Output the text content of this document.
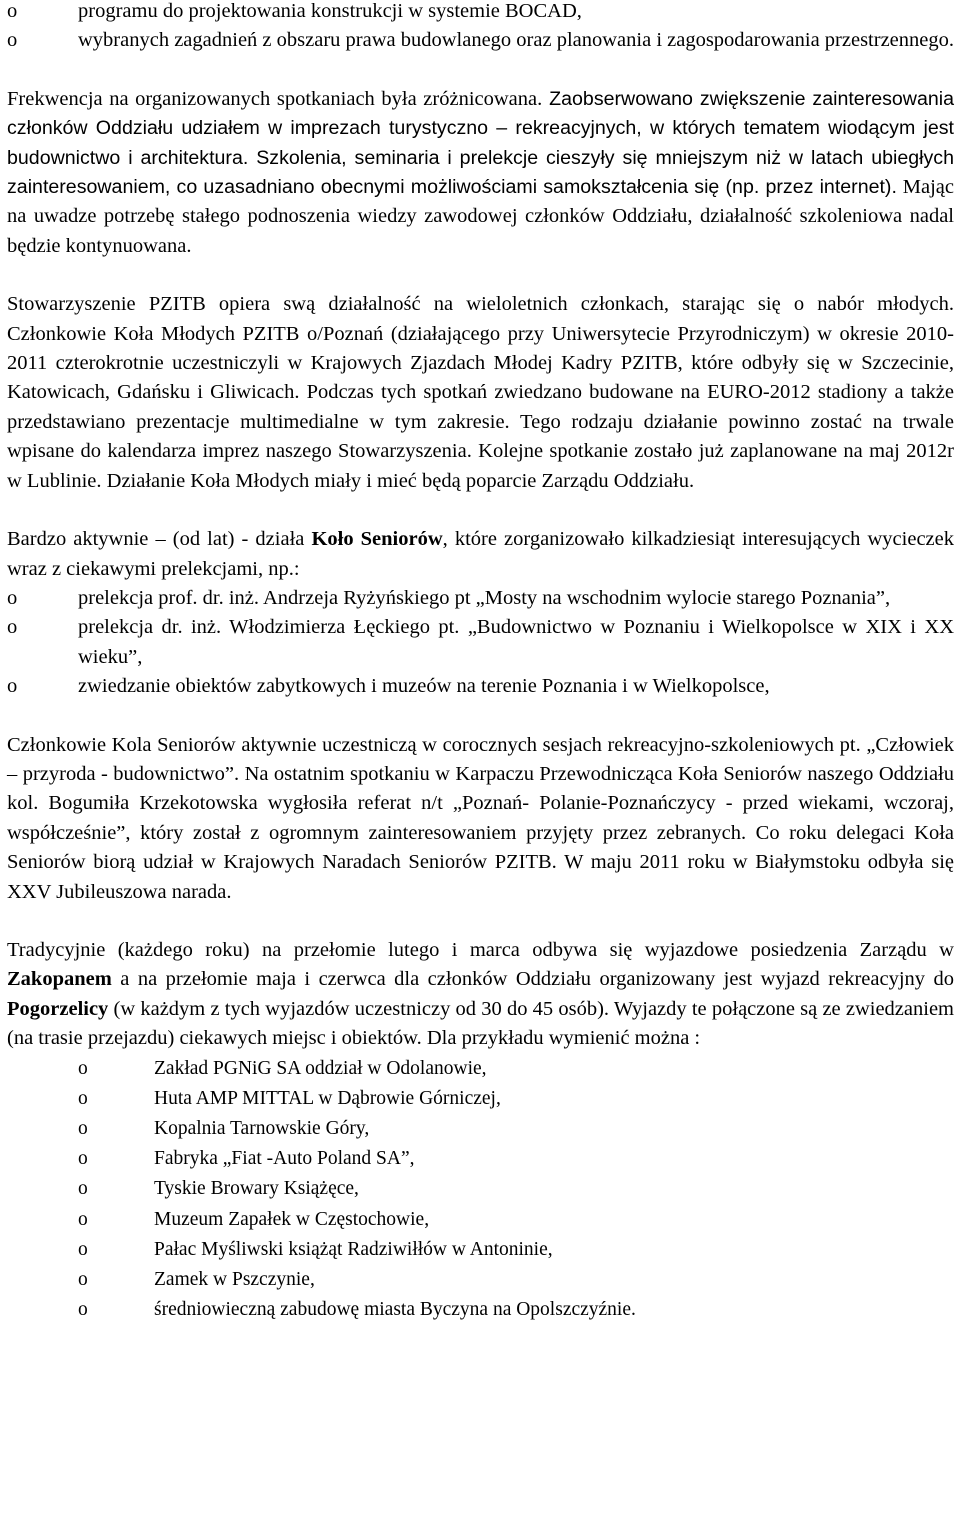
o	programu do projektowania konstrukcji w systemie BOCAD,
o	wybranych zagadnień z obszaru prawa budowlanego oraz planowania i zagospodarowania przestrzennego.

Frekwencja na organizowanych spotkaniach była zróżnicowana. Zaobserwowano zwiększenie zainteresowania członków Oddziału udziałem w imprezach turystyczno – rekreacyjnych, w których tematem wiodącym jest budownictwo i architektura. Szkolenia, seminaria i prelekcje cieszyły się mniejszym niż w latach ubiegłych zainteresowaniem, co uzasadniano obecnymi możliwościami samokształcenia się (np. przez internet). Mając na uwadze potrzebę stałego podnoszenia wiedzy zawodowej członków Oddziału, działalność szkoleniowa nadal będzie kontynuowana.

Stowarzyszenie PZITB opiera swą działalność na wieloletnich członkach, starając się o nabór młodych. Członkowie Koła Młodych PZITB o/Poznań (działającego przy Uniwersytecie Przyrodniczym) w okresie 2010-2011 czterokrotnie uczestniczyli w Krajowych Zjazdach Młodej Kadry PZITB, które odbyły się w Szczecinie, Katowicach, Gdańsku i Gliwicach. Podczas tych spotkań zwiedzano budowane na EURO-2012 stadiony a także przedstawiano prezentacje multimedialne w tym zakresie. Tego rodzaju działanie powinno zostać na trwale wpisane do kalendarza imprez naszego Stowarzyszenia. Kolejne spotkanie zostało już zaplanowane na maj 2012r w Lublinie. Działanie Koła Młodych miały i mieć będą poparcie Zarządu Oddziału.

Bardzo aktywnie – (od lat) - działa Koło Seniorów, które zorganizowało kilkadziesiąt interesujących wycieczek wraz z ciekawymi prelekcjami, np.:

o	prelekcja prof. dr. inż. Andrzeja Ryżyńskiego pt „Mosty na wschodnim wylocie starego Poznania”,
o	prelekcja dr. inż. Włodzimierza Łęckiego pt. „Budownictwo w Poznaniu i Wielkopolsce w XIX i XX wieku”,
o	zwiedzanie obiektów zabytkowych i muzeów na terenie Poznania i w Wielkopolsce,

Członkowie Kola Seniorów aktywnie uczestniczą w corocznych sesjach rekreacyjno-szkoleniowych pt. „Człowiek – przyroda - budownictwo”. Na ostatnim spotkaniu w Karpaczu Przewodnicząca Koła Seniorów naszego Oddziału kol. Bogumiła Krzekotowska wygłosiła referat n/t „Poznań- Polanie-Poznańczycy - przed wiekami, wczoraj, współcześnie”, który został z ogromnym zainteresowaniem przyjęty przez zebranych. Co roku delegaci Koła Seniorów biorą udział w Krajowych Naradach Seniorów PZITB. W maju 2011 roku w Białymstoku odbyła się XXV Jubileuszowa narada.

Tradycyjnie (każdego roku) na przełomie lutego i marca odbywa się wyjazdowe posiedzenia Zarządu w Zakopanem a na przełomie maja i czerwca dla członków Oddziału organizowany jest wyjazd rekreacyjny do Pogorzelicy (w każdym z tych wyjazdów uczestniczy od 30 do 45 osób). Wyjazdy te połączone są ze zwiedzaniem (na trasie przejazdu) ciekawych miejsc i obiektów. Dla przykładu wymienić można :

o	Zakład PGNiG SA oddział w Odolanowie,
o	Huta AMP MITTAL w Dąbrowie Górniczej,
o	Kopalnia Tarnowskie Góry,
o	Fabryka „Fiat -Auto Poland SA”,
o	Tyskie Browary Książęce,
o	Muzeum Zapałek w Częstochowie,
o	Pałac Myśliwski książąt Radziwiłłów w Antoninie,
o	Zamek w Pszczynie,
o	średniowieczną zabudowę miasta Byczyna na Opolszczyźnie.
